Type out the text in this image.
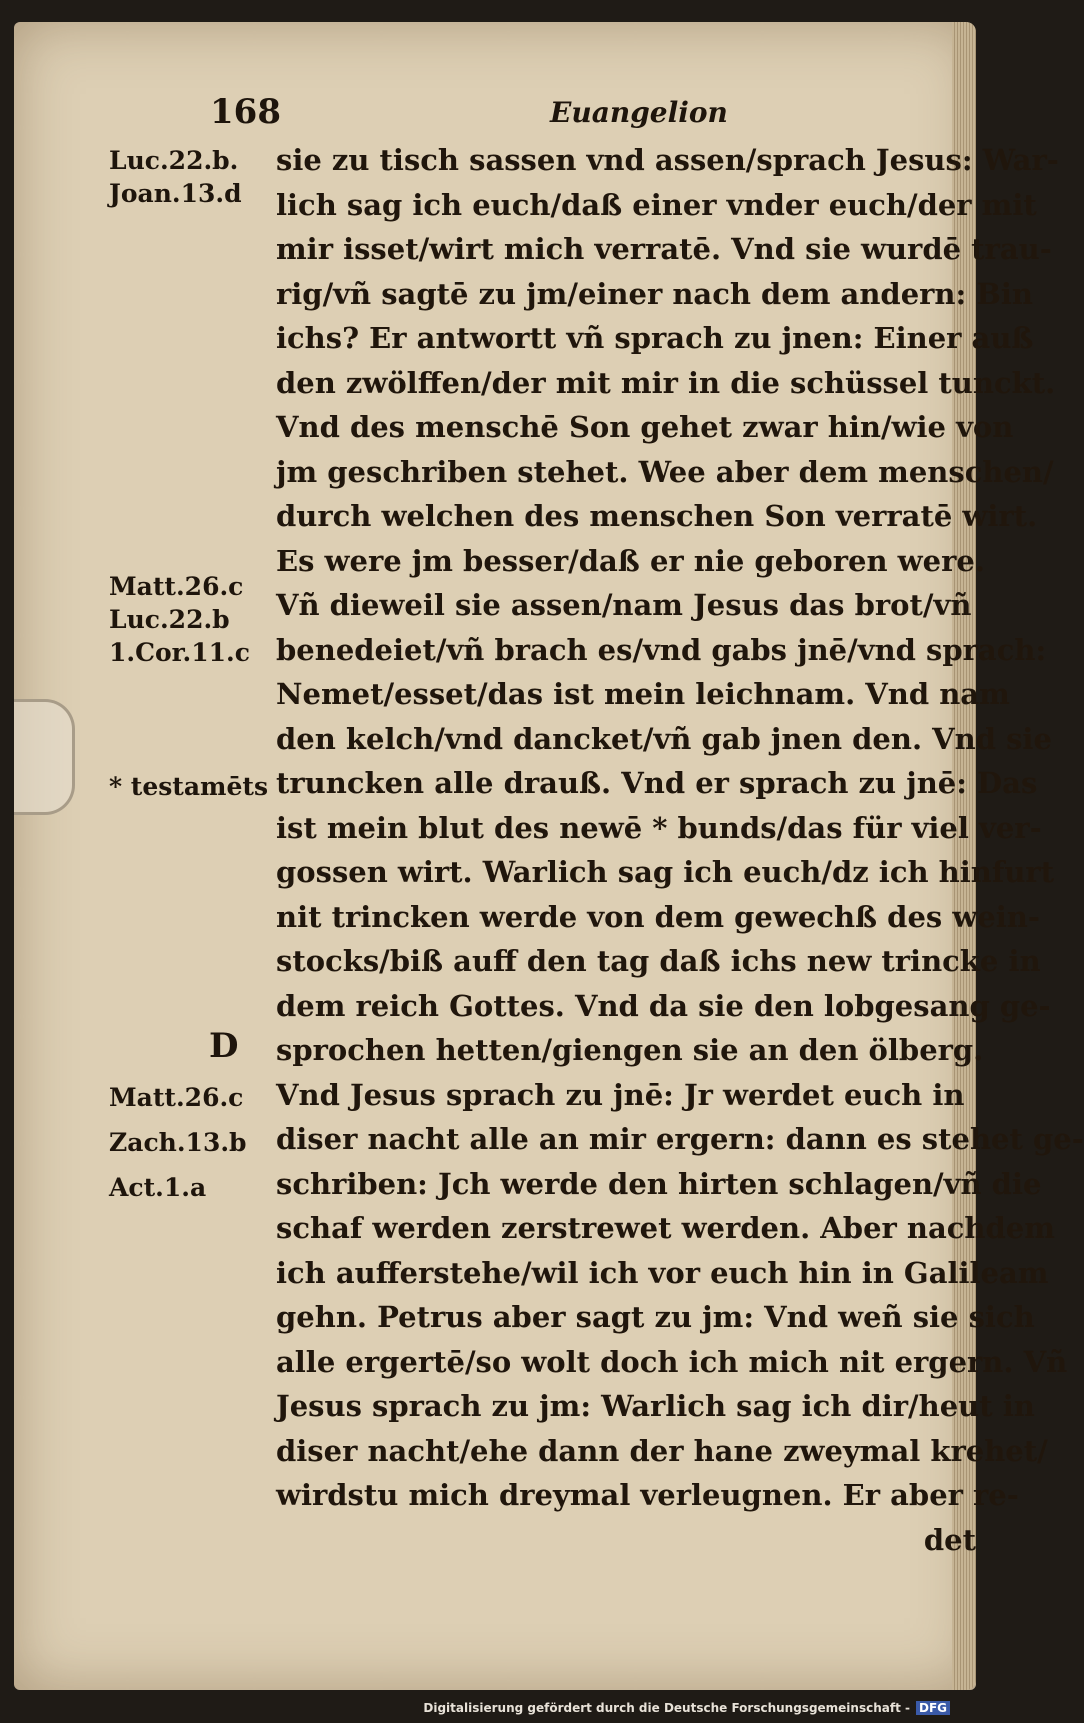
168	Euangelion
Luc.22.b.
Joan.13.d
Matt.26.c
Luc.22.b
1.Cor.11.c
* testamēts
D
Matt.26.c
Zach.13.b
Act.1.a
sie zu tisch sassen vnd assen/sprach Jesus: War-
lich sag ich euch/daß einer vnder euch/der mit
mir isset/wirt mich verratē. Vnd sie wurdē trau-
rig/vñ sagtē zu jm/einer nach dem andern: Bin
ichs? Er antwortt vñ sprach zu jnen: Einer auß
den zwölffen/der mit mir in die schüssel tunckt.
Vnd des menschē Son gehet zwar hin/wie von
jm geschriben stehet. Wee aber dem menschen/
durch welchen des menschen Son verratē wirt.
Es were jm besser/daß er nie geboren were.
Vñ dieweil sie assen/nam Jesus das brot/vñ
benedeiet/vñ brach es/vnd gabs jnē/vnd sprach:
Nemet/esset/das ist mein leichnam. Vnd nam
den kelch/vnd dancket/vñ gab jnen den. Vnd sie
truncken alle drauß. Vnd er sprach zu jnē: Das
ist mein blut des newē * bunds/das für viel ver-
gossen wirt. Warlich sag ich euch/dz ich hinfurt
nit trincken werde von dem gewechß des wein-
stocks/biß auff den tag daß ichs new trincke in
dem reich Gottes. Vnd da sie den lobgesang ge-
sprochen hetten/giengen sie an den ölberg.
Vnd Jesus sprach zu jnē: Jr werdet euch in
diser nacht alle an mir ergern: dann es stehet ge-
schriben: Jch werde den hirten schlagen/vñ die
schaf werden zerstrewet werden. Aber nachdem
ich aufferstehe/wil ich vor euch hin in Galileam
gehn. Petrus aber sagt zu jm: Vnd weñ sie sich
alle ergertē/so wolt doch ich mich nit ergern. Vñ
Jesus sprach zu jm: Warlich sag ich dir/heut in
diser nacht/ehe dann der hane zweymal krehet/
wirdstu mich dreymal verleugnen. Er aber re-
det
Digitalisierung gefördert durch die Deutsche Forschungsgemeinschaft - DFG
